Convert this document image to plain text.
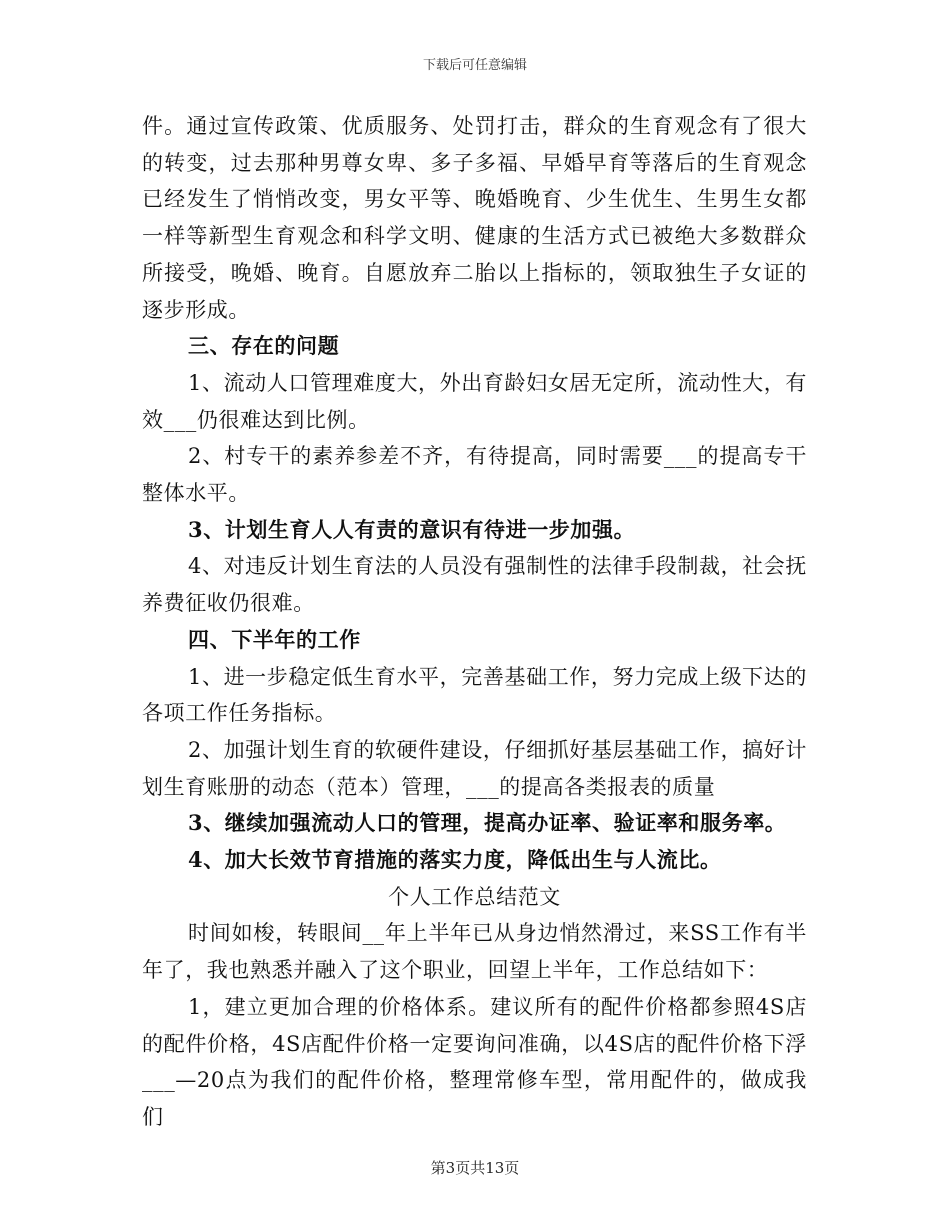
下载后可任意编辑

件。通过宣传政策、优质服务、处罚打击，群众的生育观念有了很大的转变，过去那种男尊女卑、多子多福、早婚早育等落后的生育观念已经发生了悄悄改变，男女平等、晚婚晚育、少生优生、生男生女都一样等新型生育观念和科学文明、健康的生活方式已被绝大多数群众所接受，晚婚、晚育。自愿放弃二胎以上指标的，领取独生子女证的逐步形成。

三、存在的问题

1、流动人口管理难度大，外出育龄妇女居无定所，流动性大，有效___仍很难达到比例。

2、村专干的素养参差不齐，有待提高，同时需要___的提高专干整体水平。

3、计划生育人人有责的意识有待进一步加强。

4、对违反计划生育法的人员没有强制性的法律手段制裁，社会抚养费征收仍很难。

四、下半年的工作

1、进一步稳定低生育水平，完善基础工作，努力完成上级下达的各项工作任务指标。

2、加强计划生育的软硬件建设，仔细抓好基层基础工作，搞好计划生育账册的动态（范本）管理，___的提高各类报表的质量

3、继续加强流动人口的管理，提高办证率、验证率和服务率。

4、加大长效节育措施的落实力度，降低出生与人流比。

个人工作总结范文

时间如梭，转眼间__年上半年已从身边悄然滑过，来SS工作有半年了，我也熟悉并融入了这个职业，回望上半年，工作总结如下：

1，建立更加合理的价格体系。建议所有的配件价格都参照4S店的配件价格，4S店配件价格一定要询问准确，以4S店的配件价格下浮___—20点为我们的配件价格，整理常修车型，常用配件的，做成我们

第3页共13页
